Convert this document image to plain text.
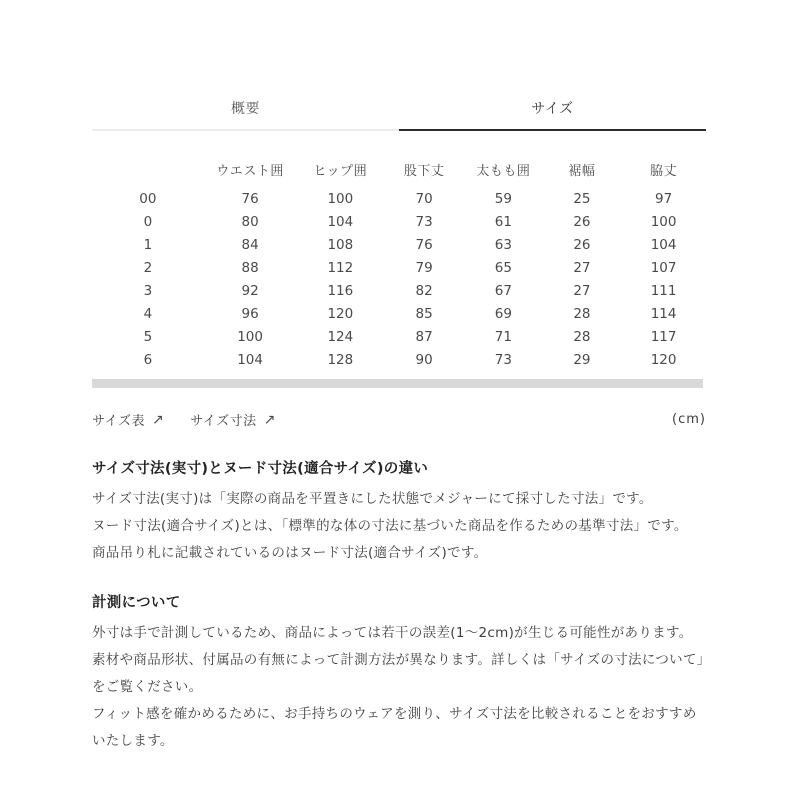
概要	サイズ
	ウエスト囲	ヒップ囲	股下丈	太もも囲	裾幅	脇丈
00	76	100	70	59	25	97
0	80	104	73	61	26	100
1	84	108	76	63	26	104
2	88	112	79	65	27	107
3	92	116	82	67	27	111
4	96	120	85	69	28	114
5	100	124	87	71	28	117
6	104	128	90	73	29	120
サイズ表 ↗ サイズ寸法 ↗	(cm)
サイズ寸法(実寸)とヌード寸法(適合サイズ)の違い

サイズ寸法(実寸)は「実際の商品を平置きにした状態でメジャーにて採寸した寸法」です。

ヌード寸法(適合サイズ)とは、「標準的な体の寸法に基づいた商品を作るための基準寸法」です。

商品吊り札に記載されているのはヌード寸法(適合サイズ)です。

計測について

外寸は手で計測しているため、商品によっては若干の誤差(1〜2cm)が生じる可能性があります。

素材や商品形状、付属品の有無によって計測方法が異なります。詳しくは「サイズの寸法について」をご覧ください。

フィット感を確かめるために、お手持ちのウェアを測り、サイズ寸法を比較されることをおすすめいたします。
